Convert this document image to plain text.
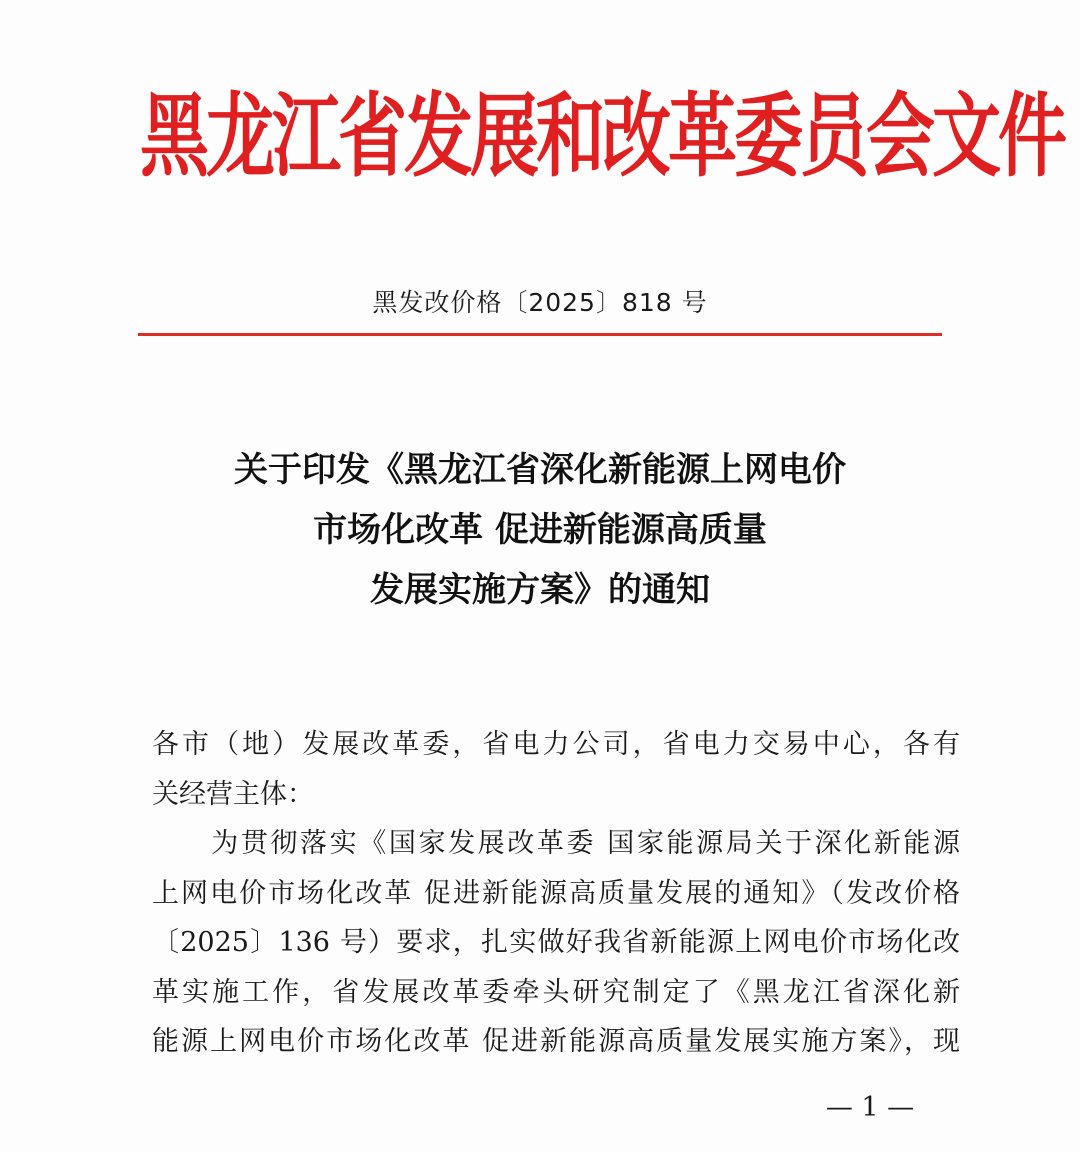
黑龙江省发展和改革委员会文件
黑发改价格〔2025〕818 号
关于印发《黑龙江省深化新能源上网电价
市场化改革 促进新能源高质量
发展实施方案》的通知
各市（地）发展改革委，省电力公司，省电力交易中心，各有
关经营主体：
　　为贯彻落实《国家发展改革委 国家能源局关于深化新能源
上网电价市场化改革 促进新能源高质量发展的通知》（发改价格
〔2025〕136 号）要求，扎实做好我省新能源上网电价市场化改
革实施工作，省发展改革委牵头研究制定了《黑龙江省深化新
能源上网电价市场化改革 促进新能源高质量发展实施方案》，现
— 1 —
